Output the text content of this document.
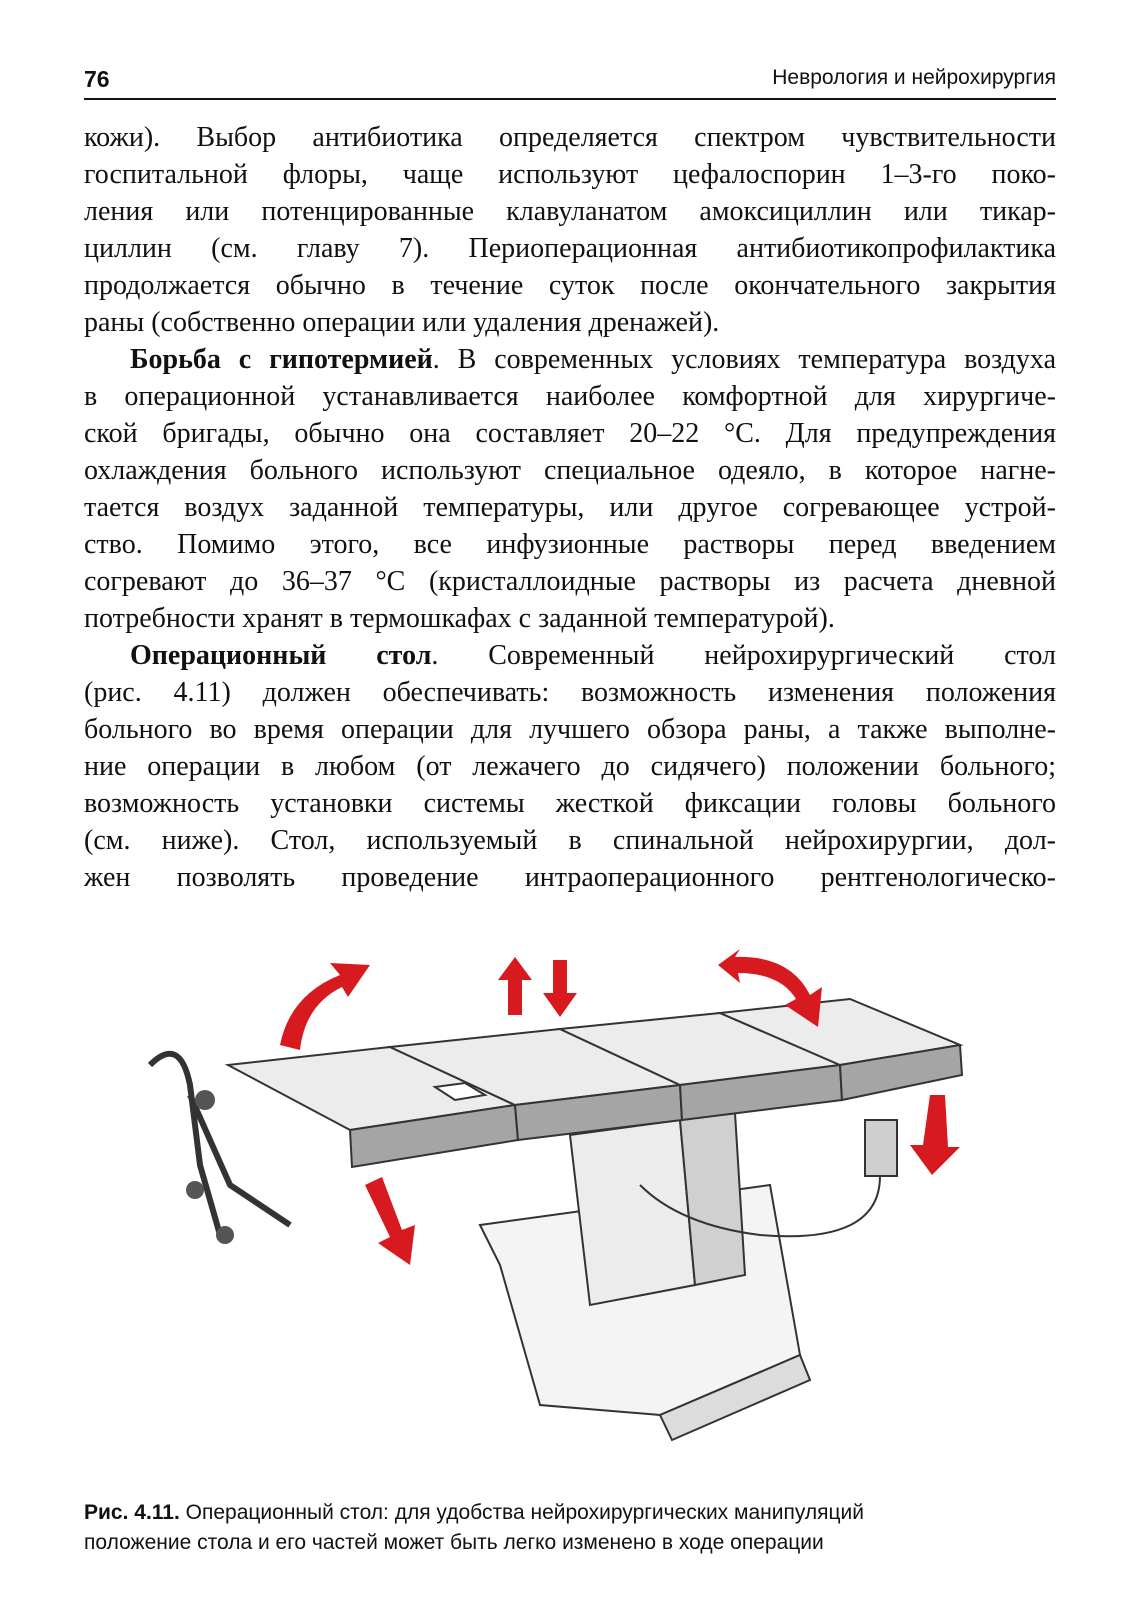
76	Неврология и нейрохирургия

кожи). Выбор антибиотика определяется спектром чувствительности

госпитальной флоры, чаще используют цефалоспорин 1–3-го поко-

ления или потенцированные клавуланатом амоксициллин или тикар-

циллин (см. главу 7). Периоперационная антибиотикопрофилактика

продолжается обычно в течение суток после окончательного закрытия

раны (собственно операции или удаления дренажей).

Борьба с гипотермией. В современных условиях температура воздуха

в операционной устанавливается наиболее комфортной для хирургиче-

ской бригады, обычно она составляет 20–22 °С. Для предупреждения

охлаждения больного используют специальное одеяло, в которое нагне-

тается воздух заданной температуры, или другое согревающее устрой-

ство. Помимо этого, все инфузионные растворы перед введением

согревают до 36–37 °С (кристаллоидные растворы из расчета дневной

потребности хранят в термошкафах с заданной температурой).

Операционный стол. Современный нейрохирургический стол

(рис. 4.11) должен обеспечивать: возможность изменения положения

больного во время операции для лучшего обзора раны, а также выполне-

ние операции в любом (от лежачего до сидячего) положении больного;

возможность установки системы жесткой фиксации головы больного

(см. ниже). Стол, используемый в спинальной нейрохирургии, дол-

жен позволять проведение интраоперационного рентгенологическо-

Рис. 4.11. Операционный стол: для удобства нейрохирургических манипуляций
положение стола и его частей может быть легко изменено в ходе операции
